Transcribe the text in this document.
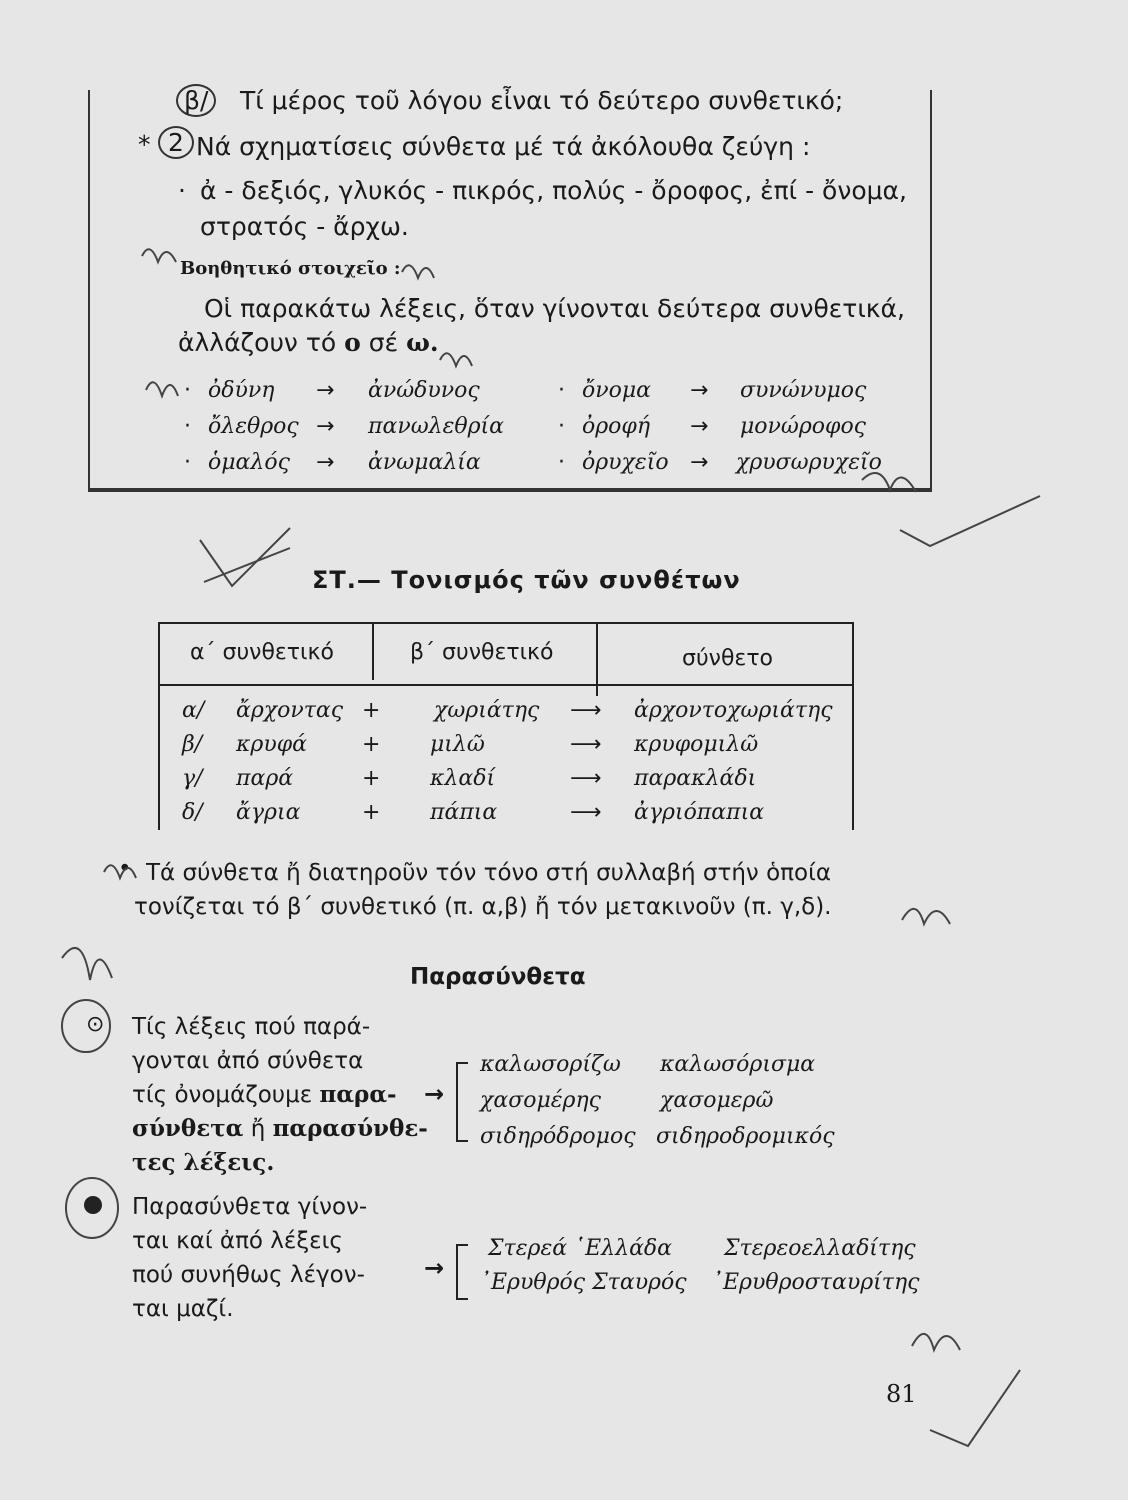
β/	Τί μέρος τοῦ λόγου εἶναι τό δεύτερο συνθετικό;
* 2 Νά σχηματίσεις σύνθετα μέ τά ἀκόλουθα ζεύγη :
· ἀ - δεξιός, γλυκός - πικρός, πολύς - ὄροφος, ἐπί - ὄνομα,
στρατός - ἄρχω.
Βοηθητικό στοιχεῖο :
Οἱ παρακάτω λέξεις, ὅταν γίνονται δεύτερα συνθετικά,
ἀλλάζουν τό ο σέ ω.
· ὀδύνη → ἀνώδυνος
· ὄλεθρος → πανωλεθρία
· ὁμαλός → ἀνωμαλία
· ὄνομα → συνώνυμος
· ὀροφή → μονώροφος
· ὀρυχεῖο → χρυσωρυχεῖο
ΣΤ.— Τονισμός τῶν συνθέτων
α΄ συνθετικό	β΄ συνθετικό	σύνθετο
α/ ἄρχοντας + χωριάτης ⟶ ἀρχοντοχωριάτης
β/ κρυφά	+ μιλῶ	⟶ κρυφομιλῶ
γ/ παρά	+ κλαδί	⟶ παρακλάδι
δ/ ἄγρια	+ πάπια	⟶ ἀγριόπαπια
• Τά σύνθετα ἤ διατηροῦν τόν τόνο στή συλλαβή στήν ὁποία
τονίζεται τό β΄ συνθετικό (π. α,β) ἤ τόν μετακινοῦν (π. γ,δ).
Παρασύνθετα
⊙ Τίς λέξεις πού παρά-
γονται ἀπό σύνθετα
τίς ὀνομάζουμε παρα-
σύνθετα ἤ παρασύνθε-
τες λέξεις.
→
καλωσορίζω καλωσόρισμα
χασομέρης	χασομερῶ
σιδηρόδρομος σιδηροδρομικός
Παρασύνθετα γίνον-
ται καί ἀπό λέξεις
πού συνήθως λέγον-
ται μαζί.
→
Στερεά ῾Ελλάδα Στερεοελλαδίτης
᾿Ερυθρός Σταυρός ᾿Ερυθροσταυρίτης
81
